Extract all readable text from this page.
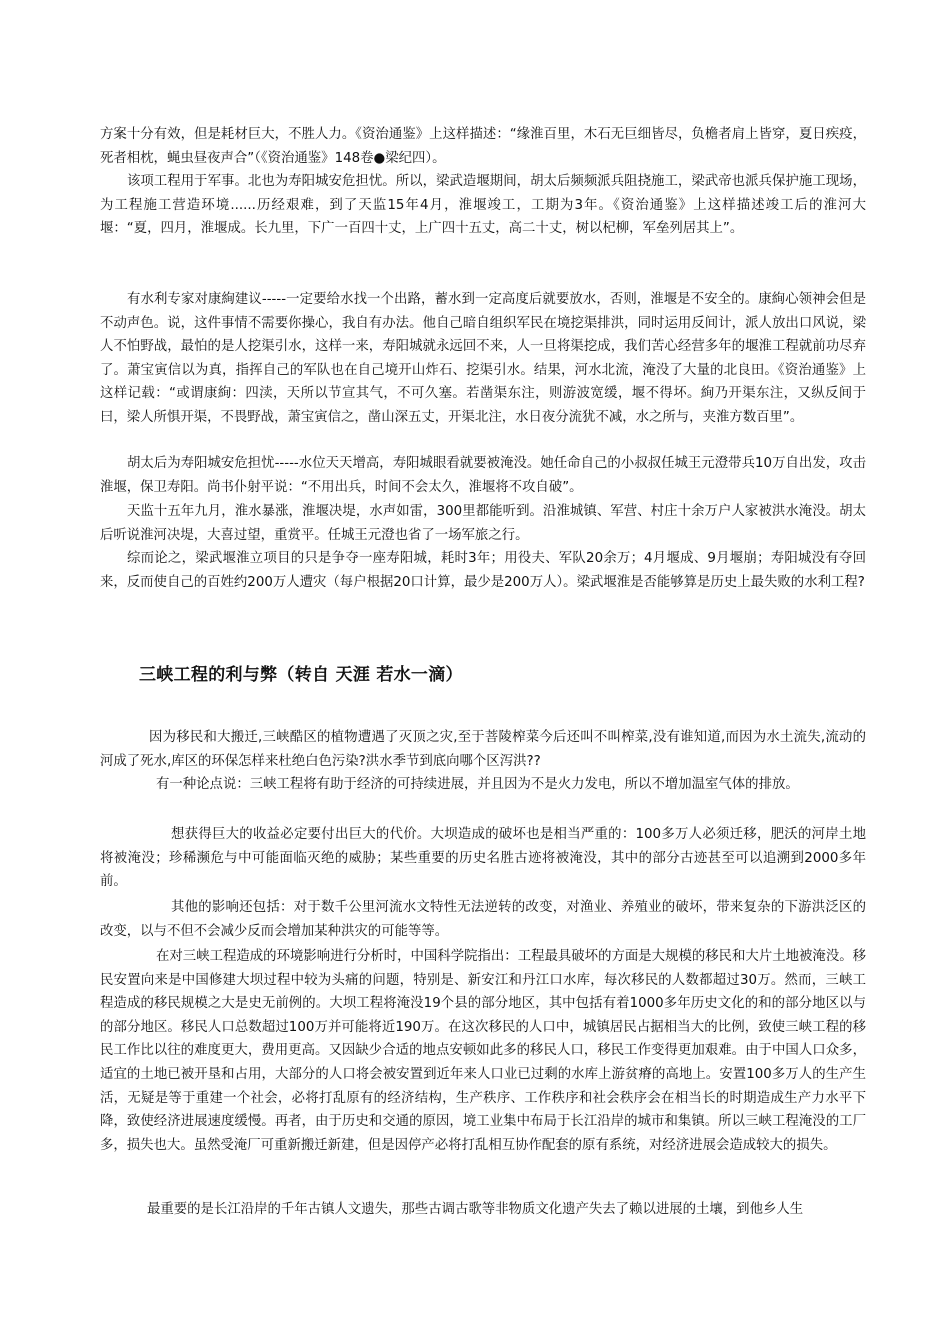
方案十分有效，但是耗材巨大，不胜人力。《资治通鉴》上这样描述：“缘淮百里，木石无巨细皆尽，负檐者肩上皆穿，夏日疾疫，死者相枕，蝇虫昼夜声合”（《资治通鉴》148卷●梁纪四）。

该项工程用于军事。北也为寿阳城安危担忧。所以，梁武造堰期间，胡太后频频派兵阻挠施工，梁武帝也派兵保护施工现场，为工程施工营造环境......历经艰难，到了天监15年4月，淮堰竣工，工期为3年。《资治通鉴》上这样描述竣工后的淮河大堰：“夏，四月，淮堰成。长九里，下广一百四十丈，上广四十五丈，高二十丈，树以杞柳，军垒列居其上”。

有水利专家对康絢建议-----一定要给水找一个出路，蓄水到一定高度后就要放水，否则，淮堰是不安全的。康絢心领神会但是不动声色。说，这件事情不需要你操心，我自有办法。他自己暗自组织军民在境挖渠排洪，同时运用反间计，派人放出口风说，梁人不怕野战，最怕的是人挖渠引水，这样一来，寿阳城就永远回不来，人一旦将渠挖成，我们苦心经营多年的堰淮工程就前功尽弃了。萧宝寅信以为真，指挥自己的军队也在自己境开山炸石、挖渠引水。结果，河水北流，淹没了大量的北良田。《资治通鉴》上这样记载：“或谓康絢：四渎，天所以节宣其气，不可久塞。若凿渠东注，则游波宽缓，堰不得坏。絢乃开渠东注，又纵反间于曰，梁人所惧开渠，不畏野战，萧宝寅信之，凿山深五丈，开渠北注，水日夜分流犹不减，水之所与，夹淮方数百里”。

胡太后为寿阳城安危担忧-----水位天天增高，寿阳城眼看就要被淹没。她任命自己的小叔叔任城王元澄带兵10万自出发，攻击淮堰，保卫寿阳。尚书仆射平说：“不用出兵，时间不会太久，淮堰将不攻自破”。

天监十五年九月，淮水暴涨，淮堰决堤，水声如雷，300里都能听到。沿淮城镇、军营、村庄十余万户人家被洪水淹没。胡太后听说淮河决堤，大喜过望，重赏平。任城王元澄也省了一场军旅之行。

综而论之，梁武堰淮立项目的只是争夺一座寿阳城，耗时3年；用役夫、军队20余万；4月堰成、9月堰崩；寿阳城没有夺回来，反而使自己的百姓约200万人遭灾（每户根据20口计算，最少是200万人）。梁武堰淮是否能够算是历史上最失败的水利工程?

三峡工程的利与弊（转自 天涯 若水一滴）

因为移民和大搬迁,三峡酷区的植物遭遇了灭顶之灾,至于菩陵榨菜今后还叫不叫榨菜,没有谁知道,而因为水土流失,流动的河成了死水,库区的环保怎样来杜绝白色污染?洪水季节到底向哪个区泻洪??

有一种论点说：三峡工程将有助于经济的可持续进展，并且因为不是火力发电，所以不增加温室气体的排放。

想获得巨大的收益必定要付出巨大的代价。大坝造成的破坏也是相当严重的：100多万人必须迁移，肥沃的河岸土地将被淹没；珍稀濒危与中可能面临灭绝的威胁；某些重要的历史名胜古迹将被淹没，其中的部分古迹甚至可以追溯到2000多年前。

其他的影响还包括：对于数千公里河流水文特性无法逆转的改变，对渔业、养殖业的破坏，带来复杂的下游洪泛区的改变，以与不但不会减少反而会增加某种洪灾的可能等等。

在对三峡工程造成的环境影响进行分析时，中国科学院指出：工程最具破坏的方面是大规模的移民和大片土地被淹没。移民安置向来是中国修建大坝过程中较为头痛的问题，特别是、新安江和丹江口水库，每次移民的人数都超过30万。然而，三峡工程造成的移民规模之大是史无前例的。大坝工程将淹没19个县的部分地区，其中包括有着1000多年历史文化的和的部分地区以与的部分地区。移民人口总数超过100万并可能将近190万。在这次移民的人口中，城镇居民占据相当大的比例，致使三峡工程的移民工作比以往的难度更大，费用更高。又因缺少合适的地点安顿如此多的移民人口，移民工作变得更加艰难。由于中国人口众多，适宜的土地已被开垦和占用，大部分的人口将会被安置到近年来人口业已过剩的水库上游贫瘠的高地上。安置100多万人的生产生活，无疑是等于重建一个社会，必将打乱原有的经济结构，生产秩序、工作秩序和社会秩序会在相当长的时期造成生产力水平下降，致使经济进展速度缓慢。再者，由于历史和交通的原因，境工业集中布局于长江沿岸的城市和集镇。所以三峡工程淹没的工厂多，损失也大。虽然受淹厂可重新搬迁新建，但是因停产必将打乱相互协作配套的原有系统，对经济进展会造成较大的损失。

最重要的是长江沿岸的千年古镇人文遗失，那些古调古歌等非物质文化遗产失去了赖以进展的土壤，到他乡人生
